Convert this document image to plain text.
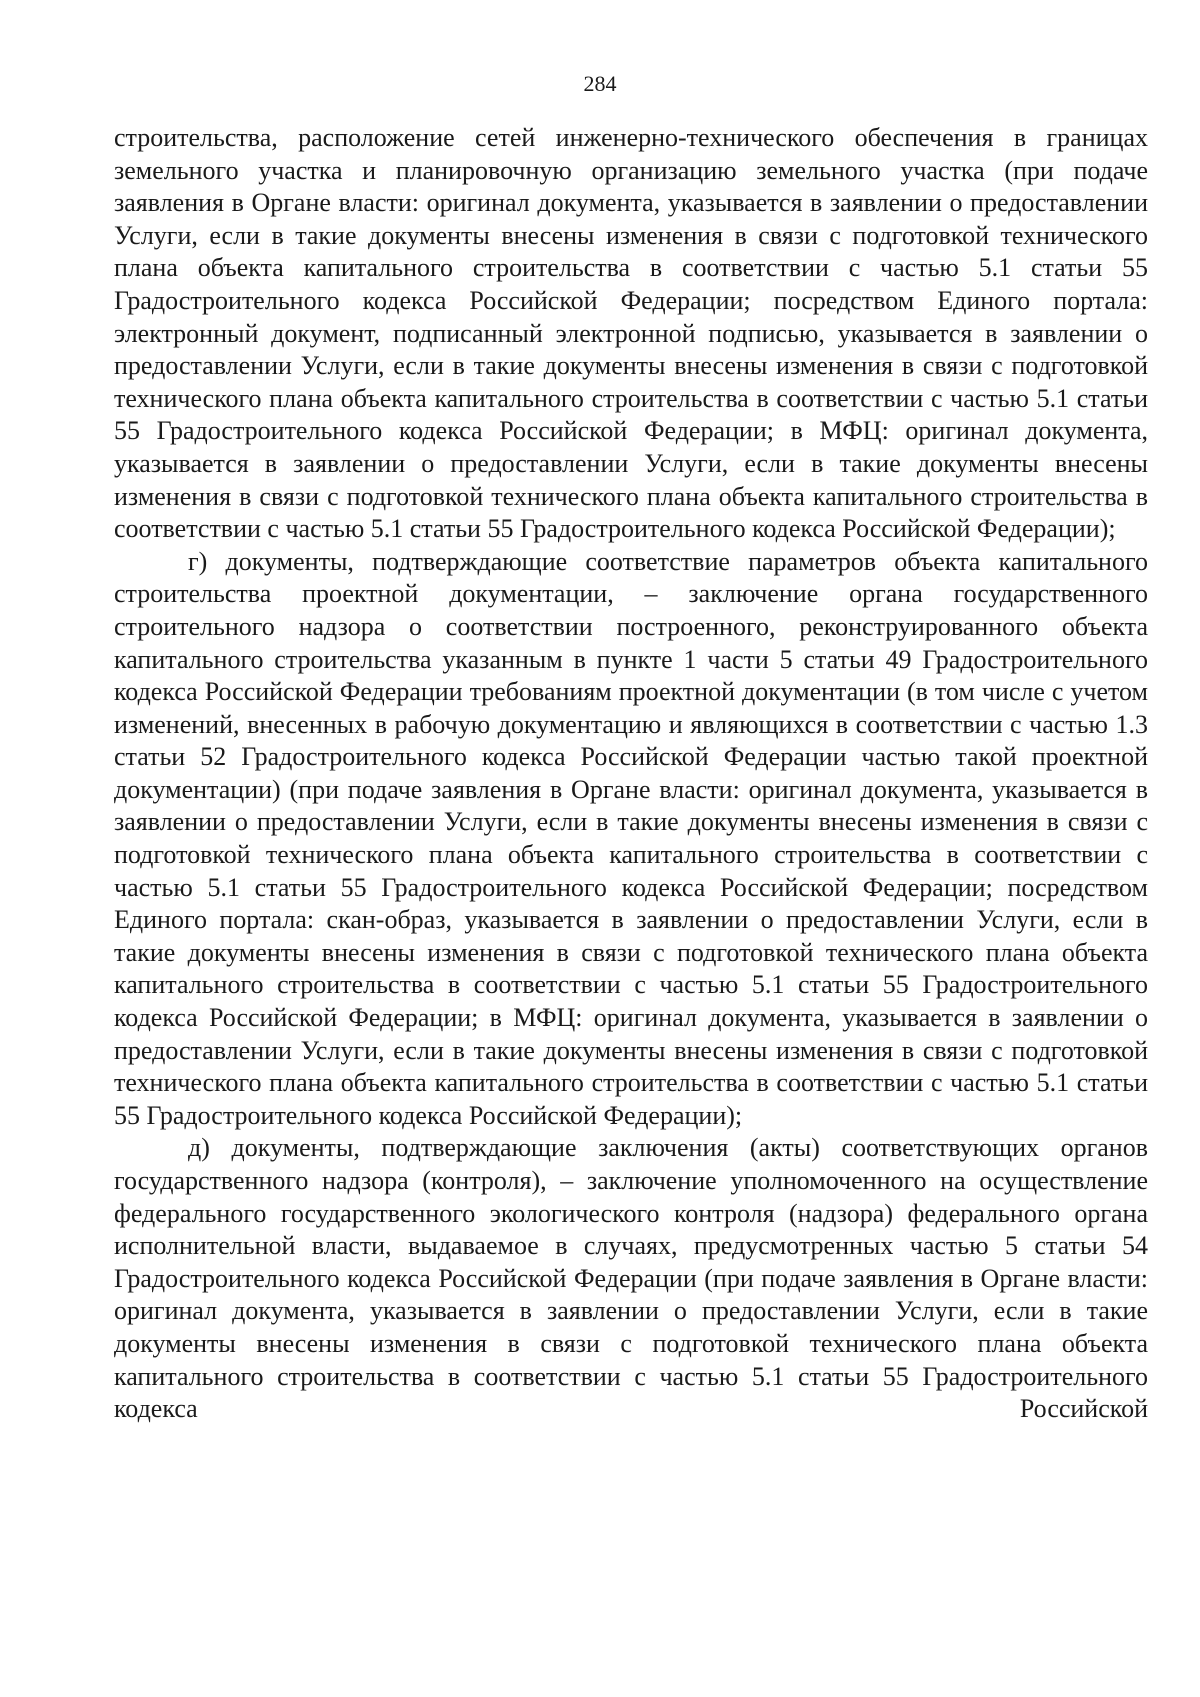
284

строительства, расположение сетей инженерно-технического обеспечения в границах земельного участка и планировочную организацию земельного участка (при подаче заявления в Органе власти: оригинал документа, указывается в заявлении о предоставлении Услуги, если в такие документы внесены изменения в связи с подготовкой технического плана объекта капитального строительства в соответствии с частью 5.1 статьи 55 Градостроительного кодекса Российской Федерации; посредством Единого портала: электронный документ, подписанный электронной подписью, указывается в заявлении о предоставлении Услуги, если в такие документы внесены изменения в связи с подготовкой технического плана объекта капитального строительства в соответствии с частью 5.1 статьи 55 Градостроительного кодекса Российской Федерации; в МФЦ: оригинал документа, указывается в заявлении о предоставлении Услуги, если в такие документы внесены изменения в связи с подготовкой технического плана объекта капитального строительства в соответствии с частью 5.1 статьи 55 Градостроительного кодекса Российской Федерации);

г) документы, подтверждающие соответствие параметров объекта капитального строительства проектной документации, – заключение органа государственного строительного надзора о соответствии построенного, реконструированного объекта капитального строительства указанным в пункте 1 части 5 статьи 49 Градостроительного кодекса Российской Федерации требованиям проектной документации (в том числе с учетом изменений, внесенных в рабочую документацию и являющихся в соответствии с частью 1.3 статьи 52 Градостроительного кодекса Российской Федерации частью такой проектной документации) (при подаче заявления в Органе власти: оригинал документа, указывается в заявлении о предоставлении Услуги, если в такие документы внесены изменения в связи с подготовкой технического плана объекта капитального строительства в соответствии с частью 5.1 статьи 55 Градостроительного кодекса Российской Федерации; посредством Единого портала: скан-образ, указывается в заявлении о предоставлении Услуги, если в такие документы внесены изменения в связи с подготовкой технического плана объекта капитального строительства в соответствии с частью 5.1 статьи 55 Градостроительного кодекса Российской Федерации; в МФЦ: оригинал документа, указывается в заявлении о предоставлении Услуги, если в такие документы внесены изменения в связи с подготовкой технического плана объекта капитального строительства в соответствии с частью 5.1 статьи 55 Градостроительного кодекса Российской Федерации);

д) документы, подтверждающие заключения (акты) соответствующих органов государственного надзора (контроля), – заключение уполномоченного на осуществление федерального государственного экологического контроля (надзора) федерального органа исполнительной власти, выдаваемое в случаях, предусмотренных частью 5 статьи 54 Градостроительного кодекса Российской Федерации (при подаче заявления в Органе власти: оригинал документа, указывается в заявлении о предоставлении Услуги, если в такие документы внесены изменения в связи с подготовкой технического плана объекта капитального строительства в соответствии с частью 5.1 статьи 55 Градостроительного кодекса Российской
